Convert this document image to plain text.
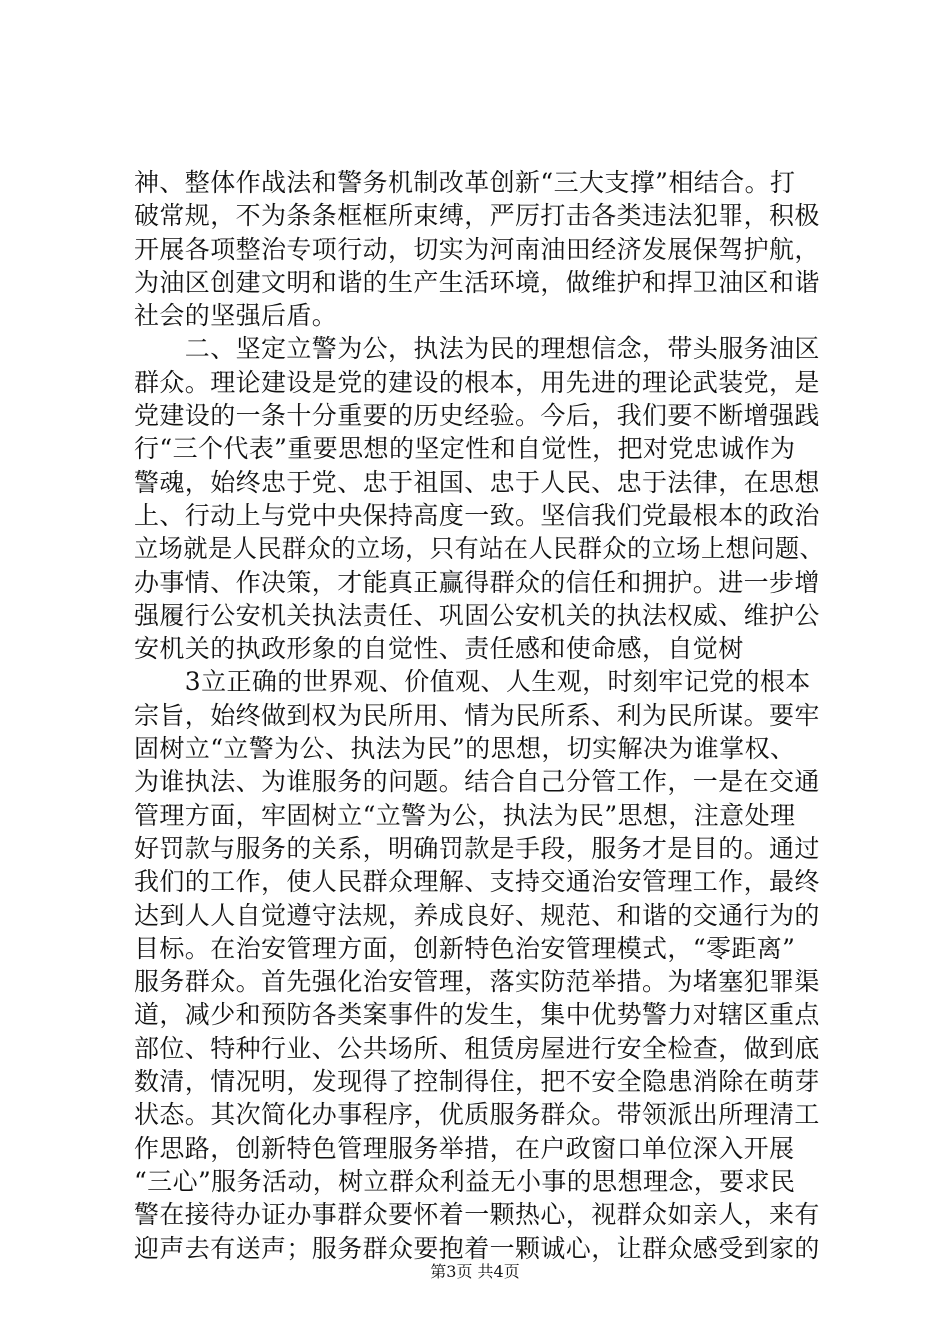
神、整体作战法和警务机制改革创新“三大支撑”相结合。打
破常规，不为条条框框所束缚，严厉打击各类违法犯罪，积极
开展各项整治专项行动，切实为河南油田经济发展保驾护航，
为油区创建文明和谐的生产生活环境，做维护和捍卫油区和谐
社会的坚强后盾。
　　二、坚定立警为公，执法为民的理想信念，带头服务油区
群众。理论建设是党的建设的根本，用先进的理论武装党，是
党建设的一条十分重要的历史经验。今后，我们要不断增强践
行“三个代表”重要思想的坚定性和自觉性，把对党忠诚作为
警魂，始终忠于党、忠于祖国、忠于人民、忠于法律，在思想
上、行动上与党中央保持高度一致。坚信我们党最根本的政治
立场就是人民群众的立场，只有站在人民群众的立场上想问题、
办事情、作决策，才能真正赢得群众的信任和拥护。进一步增
强履行公安机关执法责任、巩固公安机关的执法权威、维护公
安机关的执政形象的自觉性、责任感和使命感，自觉树
　　3立正确的世界观、价值观、人生观，时刻牢记党的根本
宗旨，始终做到权为民所用、情为民所系、利为民所谋。要牢
固树立“立警为公、执法为民”的思想，切实解决为谁掌权、
为谁执法、为谁服务的问题。结合自己分管工作，一是在交通
管理方面，牢固树立“立警为公，执法为民”思想，注意处理
好罚款与服务的关系，明确罚款是手段，服务才是目的。通过
我们的工作，使人民群众理解、支持交通治安管理工作，最终
达到人人自觉遵守法规，养成良好、规范、和谐的交通行为的
目标。在治安管理方面，创新特色治安管理模式，“零距离”
服务群众。首先强化治安管理，落实防范举措。为堵塞犯罪渠
道，减少和预防各类案事件的发生，集中优势警力对辖区重点
部位、特种行业、公共场所、租赁房屋进行安全检查，做到底
数清，情况明，发现得了控制得住，把不安全隐患消除在萌芽
状态。其次简化办事程序，优质服务群众。带领派出所理清工
作思路，创新特色管理服务举措，在户政窗口单位深入开展
“三心”服务活动，树立群众利益无小事的思想理念，要求民
警在接待办证办事群众要怀着一颗热心，视群众如亲人，来有
迎声去有送声；服务群众要抱着一颗诚心，让群众感受到家的
第3页 共4页
